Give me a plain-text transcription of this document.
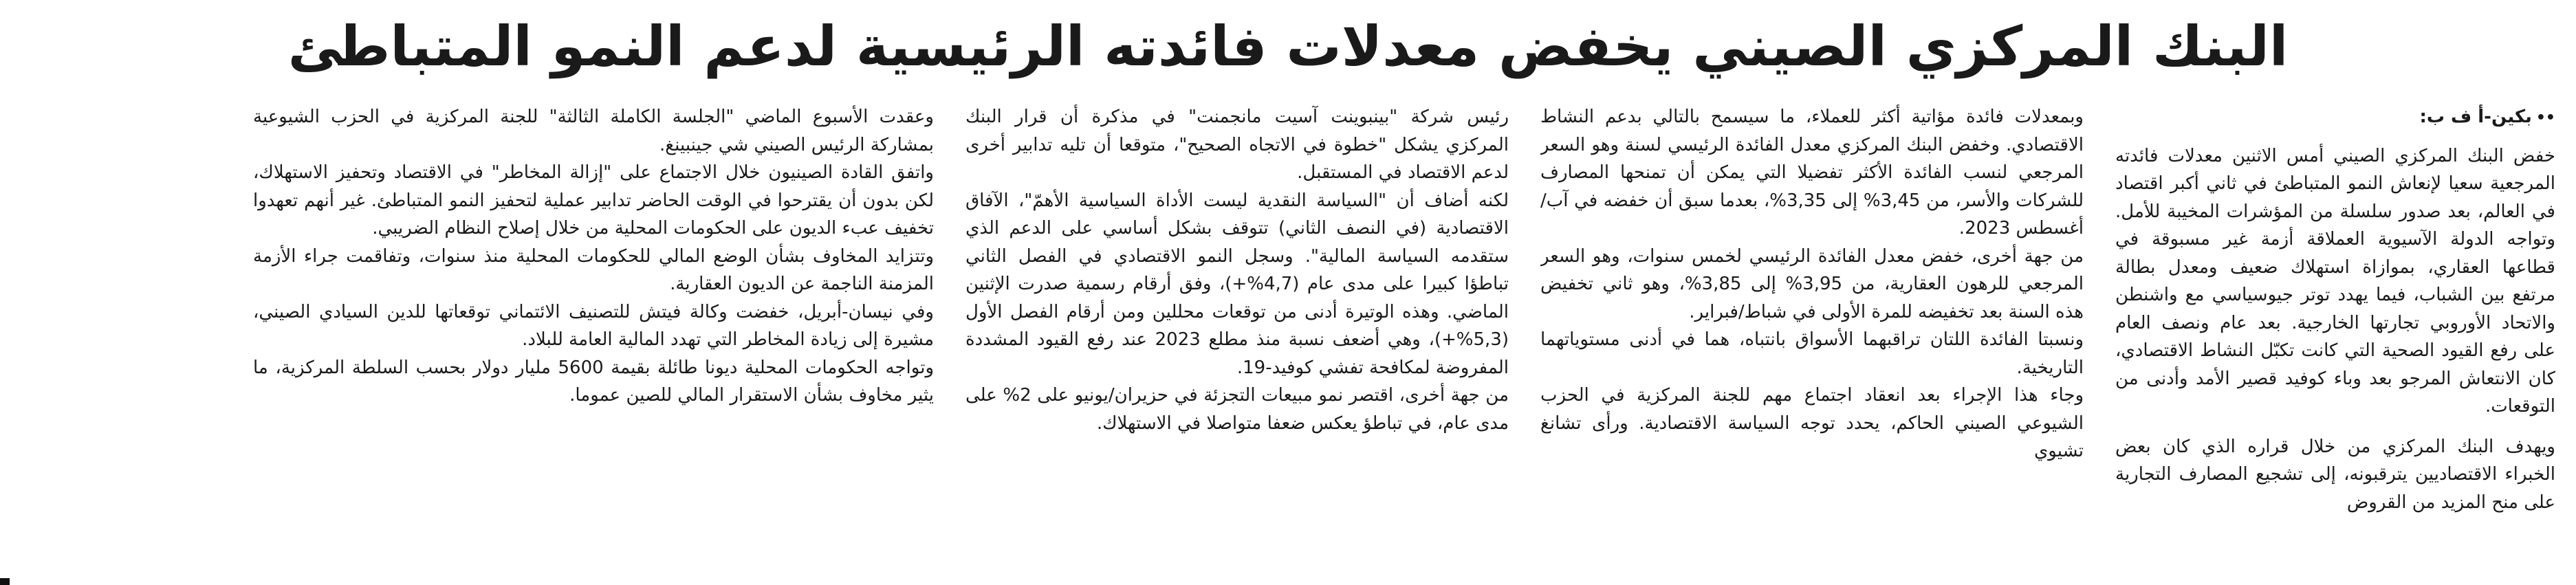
البنك المركزي الصيني يخفض معدلات فائدته الرئيسية لدعم النمو المتباطئ

••بكين-أ ف ب:

خفض البنك المركزي الصيني أمس الاثنين معدلات فائدته المرجعية سعيا لإنعاش النمو المتباطئ في ثاني أكبر اقتصاد في العالم، بعد صدور سلسلة من المؤشرات المخيبة للأمل. وتواجه الدولة الآسيوية العملاقة أزمة غير مسبوقة في قطاعها العقاري، بموازاة استهلاك ضعيف ومعدل بطالة مرتفع بين الشباب، فيما يهدد توتر جيوسياسي مع واشنطن والاتحاد الأوروبي تجارتها الخارجية. بعد عام ونصف العام على رفع القيود الصحية التي كانت تكبّل النشاط الاقتصادي، كان الانتعاش المرجو بعد وباء كوفيد قصير الأمد وأدنى من التوقعات.

ويهدف البنك المركزي من خلال قراره الذي كان بعض الخبراء الاقتصاديين يترقبونه، إلى تشجيع المصارف التجارية على منح المزيد من القروض

وبمعدلات فائدة مؤاتية أكثر للعملاء، ما سيسمح بالتالي بدعم النشاط الاقتصادي. وخفض البنك المركزي معدل الفائدة الرئيسي لسنة وهو السعر المرجعي لنسب الفائدة الأكثر تفضيلا التي يمكن أن تمنحها المصارف للشركات والأسر، من 3,45% إلى 3,35%، بعدما سبق أن خفضه في آب/أغسطس 2023.

من جهة أخرى، خفض معدل الفائدة الرئيسي لخمس سنوات، وهو السعر المرجعي للرهون العقارية، من 3,95% إلى 3,85%، وهو ثاني تخفيض هذه السنة بعد تخفيضه للمرة الأولى في شباط/فبراير.

ونسبتا الفائدة اللتان تراقبهما الأسواق بانتباه، هما في أدنى مستوياتهما التاريخية.

وجاء هذا الإجراء بعد انعقاد اجتماع مهم للجنة المركزية في الحزب الشيوعي الصيني الحاكم، يحدد توجه السياسة الاقتصادية. ورأى تشانغ تشيوي

رئيس شركة "بينبوينت آسيت مانجمنت" في مذكرة أن قرار البنك المركزي يشكل "خطوة في الاتجاه الصحيح"، متوقعا أن تليه تدابير أخرى لدعم الاقتصاد في المستقبل.

لكنه أضاف أن "السياسة النقدية ليست الأداة السياسية الأهمّ"، الآفاق الاقتصادية (في النصف الثاني) تتوقف بشكل أساسي على الدعم الذي ستقدمه السياسة المالية". وسجل النمو الاقتصادي في الفصل الثاني تباطؤا كبيرا على مدى عام (4,7%+)، وفق أرقام رسمية صدرت الإثنين الماضي. وهذه الوتيرة أدنى من توقعات محللين ومن أرقام الفصل الأول (5,3%+)، وهي أضعف نسبة منذ مطلع 2023 عند رفع القيود المشددة المفروضة لمكافحة تفشي كوفيد-19.

من جهة أخرى، اقتصر نمو مبيعات التجزئة في حزيران/يونيو على 2% على مدى عام، في تباطؤ يعكس ضعفا متواصلا في الاستهلاك.

وعقدت الأسبوع الماضي "الجلسة الكاملة الثالثة" للجنة المركزية في الحزب الشيوعية بمشاركة الرئيس الصيني شي جينبينغ.

واتفق القادة الصينيون خلال الاجتماع على "إزالة المخاطر" في الاقتصاد وتحفيز الاستهلاك، لكن بدون أن يقترحوا في الوقت الحاضر تدابير عملية لتحفيز النمو المتباطئ. غير أنهم تعهدوا تخفيف عبء الديون على الحكومات المحلية من خلال إصلاح النظام الضريبي.

وتتزايد المخاوف بشأن الوضع المالي للحكومات المحلية منذ سنوات، وتفاقمت جراء الأزمة المزمنة الناجمة عن الديون العقارية.

وفي نيسان-أبريل، خفضت وكالة فيتش للتصنيف الائتماني توقعاتها للدين السيادي الصيني، مشيرة إلى زيادة المخاطر التي تهدد المالية العامة للبلاد.

وتواجه الحكومات المحلية ديونا طائلة بقيمة 5600 مليار دولار بحسب السلطة المركزية، ما يثير مخاوف بشأن الاستقرار المالي للصين عموما.
